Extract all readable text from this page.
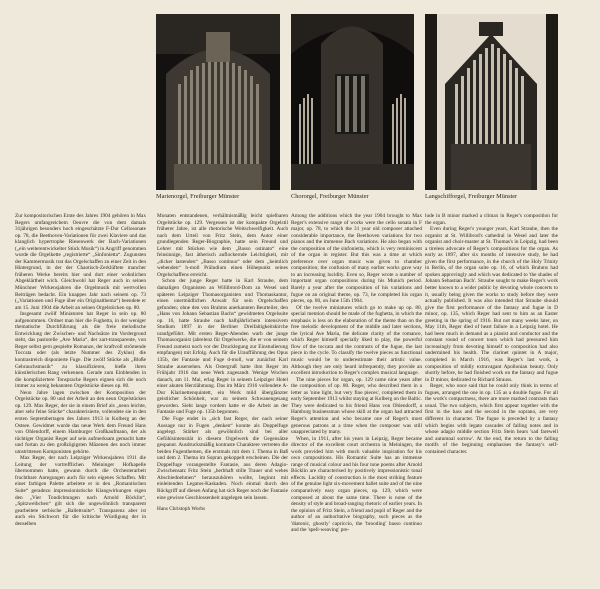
Marienorgel, Freiburger Münster	Chororgel, Freiburger Münster	Langschifforgel, Freiburger Münster

Zur kompositorischen Ernte des Jahres 1904 gehören in Max Regers umfangreichem Oeuvre die von dem damals 31jährigen besonders hoch eingeschätzte F-Dur Cellosonate op. 78, die Beethoven-Variationen für zwei Klaviere und das klanglich hypertrophe Riesenwerk der Bach-Variationen („ein weiterentwickelter Stück Musik“) in Angriff genommen wurde die Orgelkette „registrierte“ „Sinfonietta“. Zugunsten der Kammermusik trat das Orgelschaffen zu einer Zeit in den Hintergrund, in der der Chaotisch-Zerklüftete mancher früheren Werke bereits hier und dort einer wohnlichen Abgeklärtheit wich. Gleichwohl hat Reger auch in seinen Münchner Wirkensjahren die Orgelmusik mit wertvollen Beiträgen bedacht. Ein knappes Jahr nach seinem op. 73 („Variationen und Fuge über ein Originalthema“) beendete er am 15. Juni 1904 die Arbeit an seinen Orgelstücken op. 80.

Insgesamt zwölf Miniaturen hat Reger in sein op. 80 aufgenommen. Ordnet man hier die Fughetta, in der weniger thematische Durchführung als die freie melodische Entwicklung der Zwischen- und Nachsätze im Vordergrund steht, das pastorelle „Ave Maria“, der zart-transparente, von Reger selbst gern gespielte Romanze, der kraftvoll strömende Toccata oder (als letzte Nummer des Zyklus) die kontrastreich disponierte Fuge. Die zwölf Stücke als „Bloße Gebrauchsmusik“ zu klassifizieren, hieße ihren künstlerischen Rang verkennen. Gerade zum Einblenden in die kompliziertere Tonsprache Regers eignen sich die noch immer zu wenig bekannten Orgelstücke dieses op. 80.

Neun Jahre lagen zwischen der Komposition der Orgelstücke op. 80 und der Arbeit an den neun Orgelstücken op. 129. Max Reger, der sie in einem Brief als „neun leichte, aber sehr feine Stücke“ charakterisierte, vollendete sie in den ersten Septembertagen des Jahres 1913 in Kolberg an der Ostsee. Gewidmet wurde das neue Werk dem Freund Hans von Ohlendorff, einem Hamburger Großkaufmann, der als tüchtiger Organist Reger auf sein aufmerksam gemacht hatte und fortan zu den großzügigsten Mäzenen des noch immer umstrittenen Komponisten gehörte.

Max Reger, der nach Leipziger Wirkensjahren 1911 die Leitung der vortrefflichen Meininger Hofkapelle übernommen hatte, gewann durch die Orchesterarbeit fruchtbare Anregungen auch für sein eigenes Schaffen. Mit einer farbigen Palette arbeitete er in den „Romantischen Suite“ geradezu impressionistische Klangwirkungen eigen den „Vier Tondichtungen nach Arnold Böcklin“, „Spitzweibchen“ gilt sich die ungewöhnlich transparent gearbeitete serbische „Ballettsuite“. Transparenz aber ist auch ein Stichwort für die kritische Würdigung der in denselben

Monaten entstandenen, verhältnismäßig leicht spielbaren Orgelstücke op. 129. Vergessen ist der kompakte Orgelstil früherer Jahre, ist alle rhetorische Weitschweifigkeit. Auch nach dem Urteil von Fritz Stein, dem Autor einer grundlegenden Reger-Biographie, hatte sein Freund und Lehrer mit Stücken wie dem „Basso ostinato“ eine feinsinnige, fast ätherisch auflockernde Leichtigkeit, mit „dicker lastenden“ „Basso continuo“ oder dem „heimlich webenden“ h-moll Präludium einen Höhepunkt seines Orgelschaffens erreicht.

Schon der junge Reger hatte in Karl Straube, dem damaligen Organisten an Willibrord-Dom zu Wesel und späteren Leipziger Thomasorganisten und Thomaskantor, einen unermüdlichen Anwalt für sein Orgelschaffen gefunden; ohne den von Brahms anerkannten Beurteiler, den „Hans von Johann Sebastian Bachs“ gewidmeten Orgelsuite op. 16, hatte Straube nach halbjährlichem intensivem Studium 1897 in der Berliner Dreifaltigkeitskirche uraufgeführt. Mit ersten Reger-Abenden warb der junge Thomasorganist (abrelenz für Orgelwerke, die er von seinem Freund zumeist noch vor der Drucklegung zur Einstudierung empfangen) mit Erfolg. Auch für die Uraufführung des Opus 135b, der Fantasie und Fuge d-moll, war zunächst Karl Straube ausersehen. Als Ostergruß hatte ihm Reger im Frühjahr 1916 das neue Werk zugesandt. Wenige Wochen danach, am 11. Mai, erlag Reger in seinem Leipziger Hotel einer akuten Herzlähmung. Das im März 1916 vollendete A-Dur Klarinettenquintett, ein Werk mild überglänzter geistlicher Schönheit, war zu seinem Schwanengesang geworden. Sieht lange vordem hatte er die Arbeit an der Fantasie und Fuge op. 135b begonnen.

Die Fuge endet in „sich fast Reger, der nach seiner Aussage nur in Fugen „denken“ konnte als Doppelfuge angelegt. Stärker als gewöhnlich sind bei aller Gefühlsintensität in diesem Orgelwerk die Gegensätze gespannt. Ausdrucksmäßig kontraste Charaktere vertreten die beiden Fugenthemen, die erstmals mit dem 1. Thema in Baß und dem 2. Thema im Sopran gekoppelt erscheinen. Die der Doppelfuge vorangestellte Fantasie, aus deren Adagio-Zwischensatz Fritz Stein „herbhaft stille Trauer und wehes Abschiednehmen“ herauszuhören wollte, beginnt mit einleitenden Legatos-Kaskaden. Noch einmal durch den Rückgriff auf diesen Anfang hat sich Reger noch der Fantasie eine gewisse Geschlossenheit angelegen sein lassen.

Hans Christoph Worbs

Among the additions which the year 1904 brought to Max Reger's extensive range of works were the cello sonata in F major, op. 78, to which the 31 year old composer attached considerable importance, the Beethoven variations for two pianos and the immense Bach variations. He also began with the composition of the sinfonietta, which is very reminiscent of the organ in register. But this was a time at which preference over organ music was given to chamber composition; the confusion of many earlier works gave way to an increasing lucidity. Even so, Reger wrote a number of important organ compositions during his Munich period. Barely a year after the composition of his variations and fugue on an original theme, op. 73, he completed his organ pieces, op. 80, on June 15th 1904.

Of the twelve miniatures which go to make up op. 80, special mention should be made of the fughetta, in which the emphasis is less on the elaboration of the theme than on the free melodic development of the middle and later sections, the lyrical Ave Maria, the delicate clarity of the romance, which Reger himself specially liked to play, the powerful flow of the toccata and the contrasts of the fugue, the last piece in the cycle. To classify the twelve pieces as functional music would be to underestimate their artistic value. Although they are only heard infrequently, they provide an excellent introduction to Reger's complex musical language.

The nine pieces for organ, op. 129 came nine years after the composition of op. 80. Reger, who described them in a letter as 'nine light, but very fine pieces', completed them in early September 1913 whilst staying at Kolberg on the Baltic. They were dedicated to his friend Hans von Ohlendorff, a Hamburg businessman whose skill at the organ had attracted Reger's attention and who became one of Reger's most generous patrons at a time when the composer was still unappreciated by many.

When, in 1911, after his years in Leipzig, Reger became director of the excellent court orchestra in Meiningen, the work provided him with much valuable inspiration for his own compositions. His Romantic Suite has an immense range of musical colour and his four tone poems after Arnold Böcklin are characterised by positively impressionistic tonal effects. Lucidity of construction is the most striking feature of the genuine light six-movement ballet suite and of the nine comparatively easy organ pieces, op. 129, which were composed at about the same time. There is none of the density of style and broad-ranging rhetoric of earlier years. In the opinion of Fritz Stein, a friend and pupil of Reger and the author of an authoritative biography, such pieces as the 'diatonic, ghostly' capriccio, the 'brooding' basso continuo and the 'spell-weaving' pre-

lude in B minor marked a climax in Reger's composition for the organ.

Even during Reger's younger years, Karl Straube, then the organist at St. Willibrod's cathedral in Wesel and later the organist and choir-master at St. Thomas's in Leipzig, had been a tireless advocate of Reger's compositions for the organ. As early as 1897, after six months of intensive study, he had given the first performance, in the church of the Holy Trinity in Berlin, of the organ suite op. 16, of which Brahms had spoken approvingly and which was dedicated to 'the shades of Johann Sebastian Bach'. Straube sought to make Reger's work better known to a wider public by devoting whole concerts to it, usually being given the works to study before they were actually published. It was also intended that Straube should give the first performance of the fantasy and fugue in D minor, op. 135, which Reger had sent to him as an Easter greeting in the spring of 1916. But not many weeks later, on May 11th, Reger died of heart failure in a Leipzig hotel. He had been much in demand as a pianist and conductor and the constant round of concert tours which had pressured him increasingly from devoting himself to composition had also undermined his health. The clarinet quintet in A major, completed in March 1916, was Reger's last work, a composition of mildly extravagant Apollonian beauty. Only shortly before, he had finished work on the fantasy and fugue in D minor, dedicated to Richard Strauss.

Reger, who once said that he could only think in terms of fugues, arranged the one in op. 135 as a double fugue. For all the work's compactness, there are more marked contrasts than usual. The two subjects, which first appear together with the first in the bass and the second in the soprano, are very different in character. The fugue is preceded by a fantasy which begins with legato cascades of falling notes and in whose adagio middle section Fritz Stein hears 'sad farewell and autumnal sorrow'. At the end, the return to the falling motifs of the beginning emphasises the fantasy's self-contained character.
